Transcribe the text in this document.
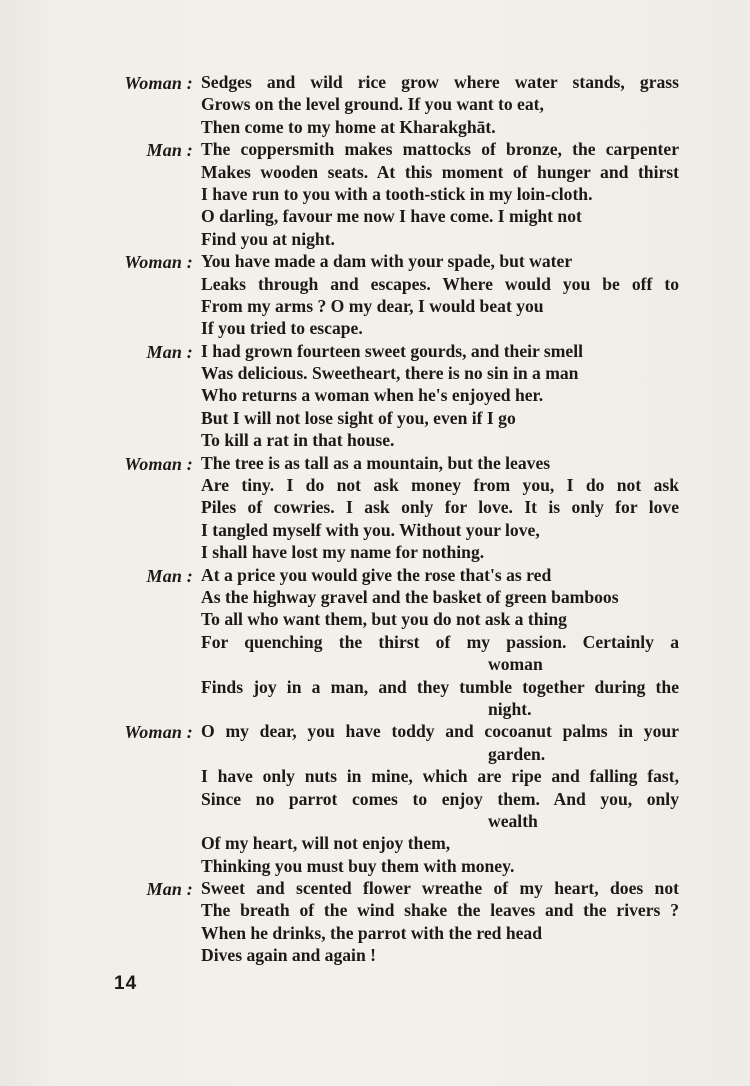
Woman : Sedges and wild rice grow where water stands, grass
Grows on the level ground. If you want to eat,
Then come to my home at Kharakghāt.
Man : The coppersmith makes mattocks of bronze, the carpenter
Makes wooden seats. At this moment of hunger and thirst
I have run to you with a tooth-stick in my loin-cloth.
O darling, favour me now I have come. I might not
Find you at night.
Woman : You have made a dam with your spade, but water
Leaks through and escapes. Where would you be off to
From my arms ? O my dear, I would beat you
If you tried to escape.
Man : I had grown fourteen sweet gourds, and their smell
Was delicious. Sweetheart, there is no sin in a man
Who returns a woman when he's enjoyed her.
But I will not lose sight of you, even if I go
To kill a rat in that house.
Woman : The tree is as tall as a mountain, but the leaves
Are tiny. I do not ask money from you, I do not ask
Piles of cowries. I ask only for love. It is only for love
I tangled myself with you. Without your love,
I shall have lost my name for nothing.
Man : At a price you would give the rose that's as red
As the highway gravel and the basket of green bamboos
To all who want them, but you do not ask a thing
For quenching the thirst of my passion. Certainly a
woman
Finds joy in a man, and they tumble together during the
night.
Woman : O my dear, you have toddy and cocoanut palms in your
garden.
I have only nuts in mine, which are ripe and falling fast,
Since no parrot comes to enjoy them. And you, only
wealth
Of my heart, will not enjoy them,
Thinking you must buy them with money.
Man : Sweet and scented flower wreathe of my heart, does not
The breath of the wind shake the leaves and the rivers ?
When he drinks, the parrot with the red head
Dives again and again !
14
